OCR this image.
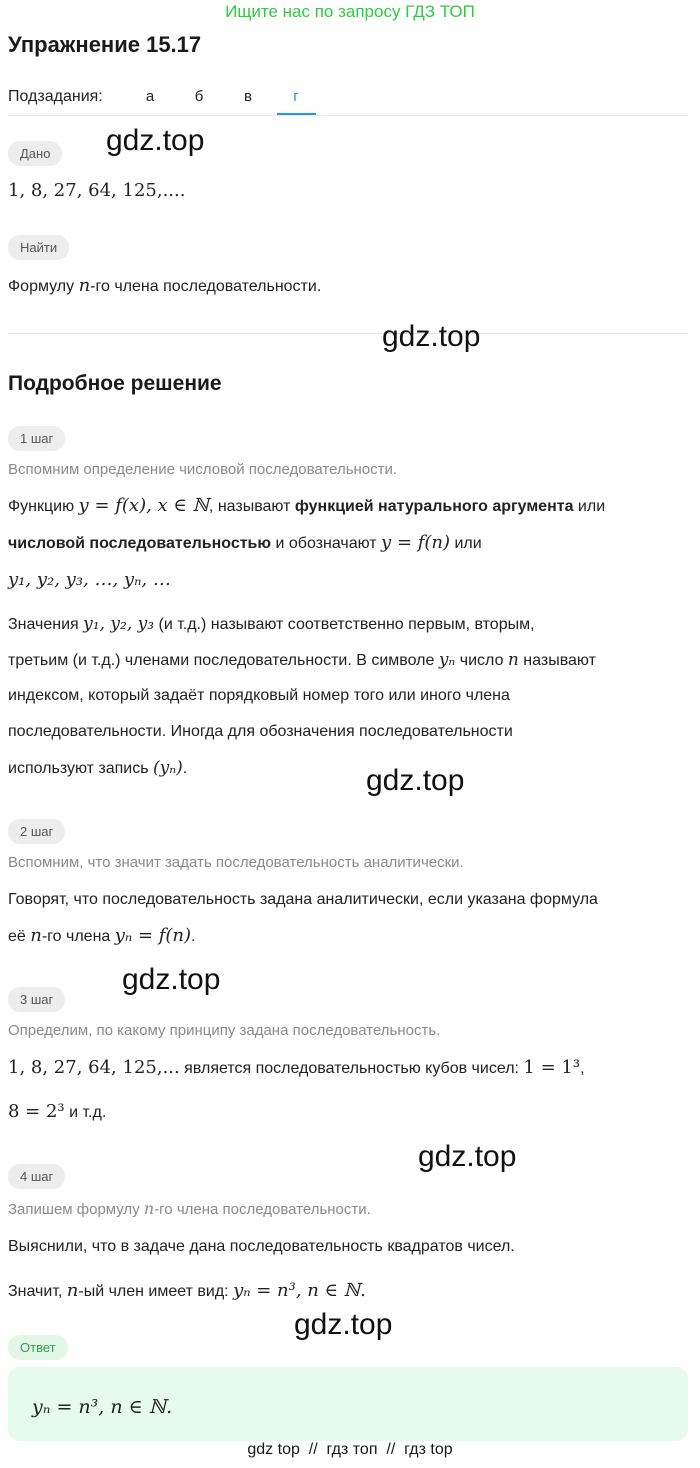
Ищите нас по запросу ГДЗ ТОП
Упражнение 15.17
Подзадания:	а	б	в	г
Дано	gdz.top
1, 8, 27, 64, 125,....
Найти
Формулу n-го члена последовательности.
gdz.top
Подробное решение
1 шаг
Вспомним определение числовой последовательности.
Функцию y = f(x), x ∈ ℕ, называют функцией натурального аргумента или
числовой последовательностью и обозначают y = f(n) или
y₁, y₂, y₃, …, yₙ, …
Значения y₁, y₂, y₃ (и т.д.) называют соответственно первым, вторым,
третьим (и т.д.) членами последовательности. В символе yₙ число n называют
индексом, который задаёт порядковый номер того или иного члена
последовательности. Иногда для обозначения последовательности
используют запись (yₙ).	gdz.top
2 шаг
Вспомним, что значит задать последовательность аналитически.
Говорят, что последовательность задана аналитически, если указана формула
её n-го члена yₙ = f(n).
gdz.top
3 шаг
Определим, по какому принципу задана последовательность.
1, 8, 27, 64, 125,... является последовательностью кубов чисел: 1 = 1³,
8 = 2³ и т.д.
gdz.top
4 шаг
Запишем формулу n-го члена последовательности.
Выяснили, что в задаче дана последовательность квадратов чисел.
Значит, n-ый член имеет вид: yₙ = n³, n ∈ ℕ.
gdz.top
Ответ
yₙ = n³, n ∈ ℕ.
gdz top  //  гдз топ  //  гдз top
